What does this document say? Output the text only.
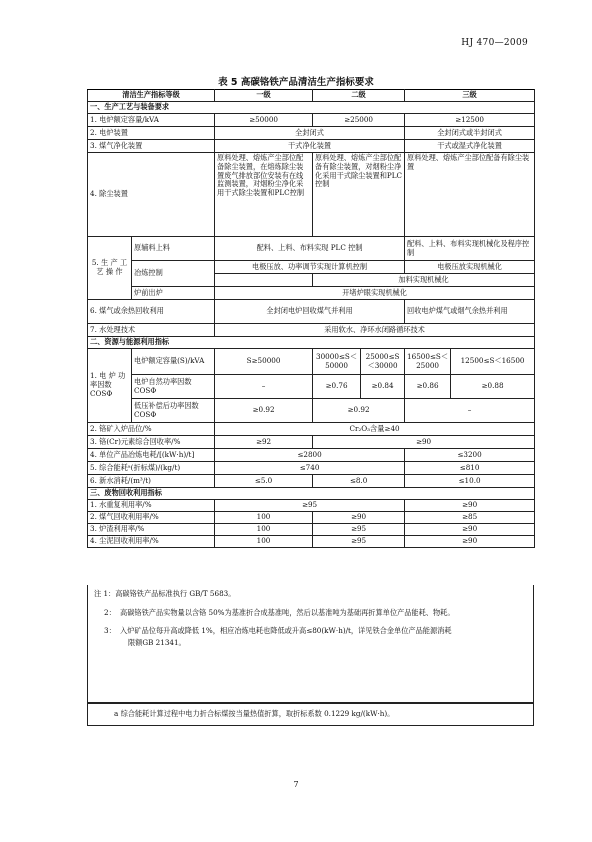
HJ 470—2009
表 5 高碳铬铁产品清洁生产指标要求
清洁生产指标等级		一级	二级		三级	
一、生产工艺与装备要求						
1. 电炉额定容量/kVA		≥50000	≥25000		≥12500	
2. 电炉装置		全封闭式			全封闭式或半封闭式	
3. 煤气净化装置		干式净化装置			干式或湿式净化装置	
4. 除尘装置		原料处理、熔炼产尘部位配备除尘装置，在熔炼除尘装置废气排放部位安装有在线监测装置，对烟粉尘净化采用干式除尘装置和PLC控制	原料处理、熔炼产尘部位配备有除尘装置，对烟粉尘净化采用干式除尘装置和PLC控制		原料处理、熔炼产尘部位配备有除尘装置	
5. 生 产 工 艺 操 作	原辅料上料	配料、上料、布料实现 PLC 控制			配料、上料、布料实现机械化及程序控制	
	冶炼控制	电极压放、功率调节实现计算机控制			电极压放实现机械化	
			加料实现机械化			
	炉前出炉	开堵炉眼实现机械化				
6. 煤气或余热回收利用		全封闭电炉回收煤气并利用			回收电炉煤气或烟气余热并利用	
7. 水处理技术		采用软水、净环水闭路循环技术				
二、资源与能源利用指标						
1. 电 炉 功率因数COSΦ	电炉额定容量(S)/kVA	S≥50000	30000≤S＜50000	25000≤S＜30000	16500≤S＜25000	12500≤S＜16500
	电炉自然功率因数COSΦ	–	≥0.76	≥0.84	≥0.86	≥0.88
	低压补偿后功率因数COSΦ	≥0.92	≥0.92		–	
2. 铬矿入炉品位/%		Cr₂O₃含量≥40				
3. 铬(Cr)元素综合回收率/%		≥92	≥90			
4. 单位产品冶炼电耗/[(kW·h)/t]		≤2800			≤3200	
5. 综合能耗ᵃ(折标煤)/(kg/t)		≤740			≤810	
6. 新水消耗/(m³/t)		≤5.0	≤8.0		≤10.0	
三、废物回收利用指标						
1. 水重复利用率/%		≥95			≥90	
2. 煤气回收利用率/%		100	≥90		≥85	
3. 炉渣利用率/%		100	≥95		≥90	
4. 尘泥回收利用率/%		100	≥95		≥90	
注 1：高碳铬铁产品标准执行 GB/T 5683。
2： 高碳铬铁产品实物量以含铬 50%为基准折合成基准吨，然后以基准吨为基础再折算单位产品能耗、物耗。
3： 入炉矿品位每升高或降低 1%，相应冶炼电耗也降低或升高≤80(kW·h)/t，详见铁合金单位产品能源消耗
限额GB 21341。
a 综合能耗计算过程中电力折合标煤按当量热值折算，取折标系数 0.1229 kg/(kW·h)。
7
